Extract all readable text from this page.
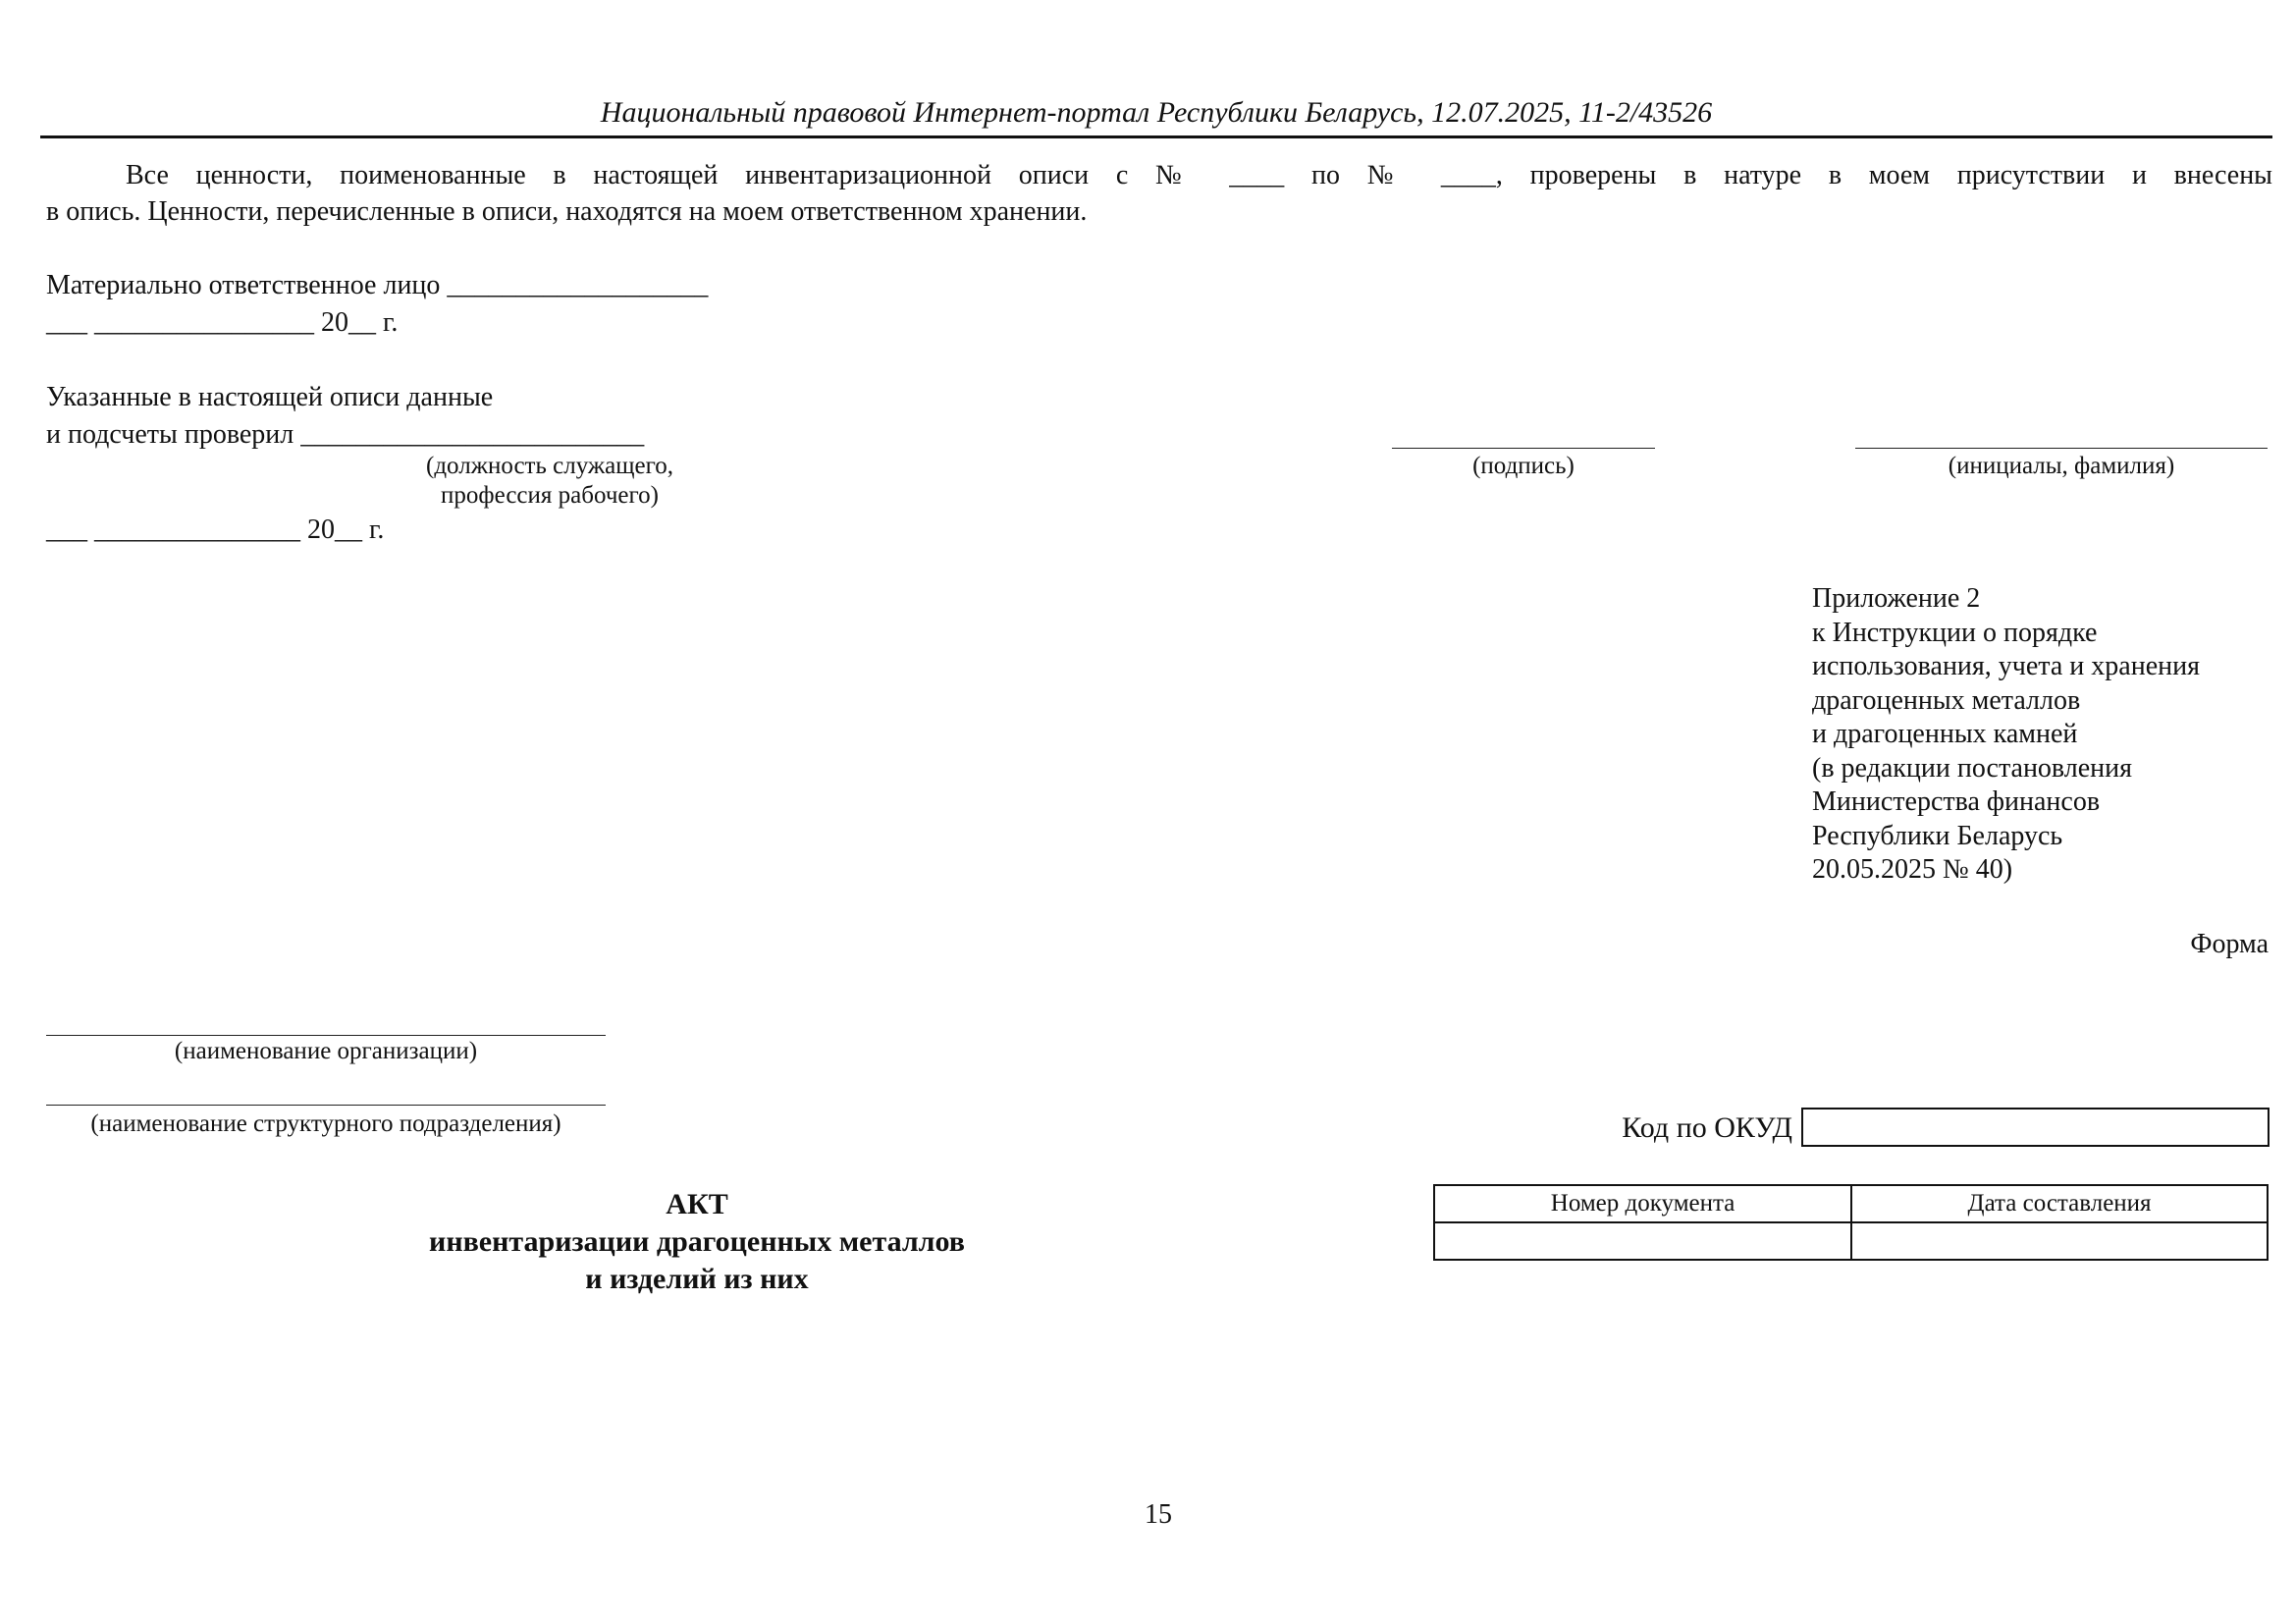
Национальный правовой Интернет-портал Республики Беларусь, 12.07.2025, 11-2/43526
Все ценности, поименованные в настоящей инвентаризационной описи с № ____ по № ____, проверены в натуре в моем присутствии и внесены
в опись. Ценности, перечисленные в описи, находятся на моем ответственном хранении.
Материально ответственное лицо ___________________
___ ________________ 20__ г.
Указанные в настоящей описи данные
и подсчеты проверил _________________________
(должность служащего,
профессия рабочего)
(подпись)	(инициалы, фамилия)
___ _______________ 20__ г.
Приложение 2
к Инструкции о порядке
использования, учета и хранения
драгоценных металлов
и драгоценных камней
(в редакции постановления
Министерства финансов
Республики Беларусь
20.05.2025 № 40)
Форма
(наименование организации)
(наименование структурного подразделения)	Код по ОКУД
Номер документа	Дата составления

АКТ
инвентаризации драгоценных металлов
и изделий из них
15
